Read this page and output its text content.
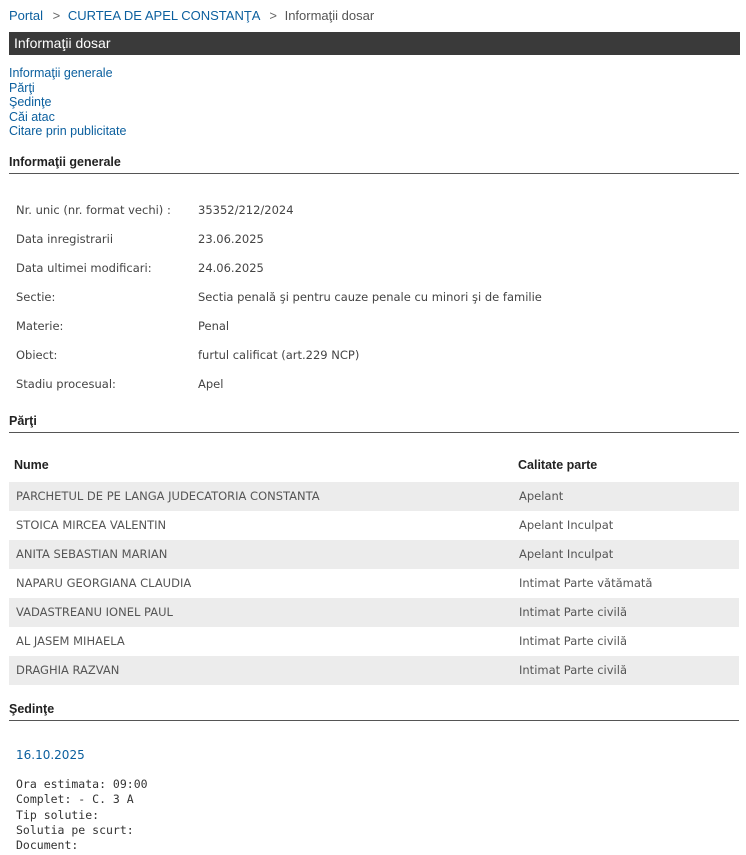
Portal > CURTEA DE APEL CONSTANŢA > Informaţii dosar
Informaţii dosar
Informaţii generale
Părţi
Şedinţe
Căi atac
Citare prin publicitate
Informaţii generale
Nr. unic (nr. format vechi) : 35352/212/2024
Data inregistrarii	23.06.2025
Data ultimei modificari:	24.06.2025
Sectie:	Sectia penală şi pentru cauze penale cu minori şi de familie
Materie:	Penal
Obiect:	furtul calificat (art.229 NCP)
Stadiu procesual:	Apel
Părţi
Nume	Calitate parte
PARCHETUL DE PE LANGA JUDECATORIA CONSTANTA	Apelant
STOICA MIRCEA VALENTIN	Apelant Inculpat
ANITA SEBASTIAN MARIAN	Apelant Inculpat
NAPARU GEORGIANA CLAUDIA	Intimat Parte vătămată
VADASTREANU IONEL PAUL	Intimat Parte civilă
AL JASEM MIHAELA	Intimat Parte civilă
DRAGHIA RAZVAN	Intimat Parte civilă
Şedinţe
16.10.2025
Ora estimata: 09:00
Complet: - C. 3 A
Tip solutie:
Solutia pe scurt:
Document:
